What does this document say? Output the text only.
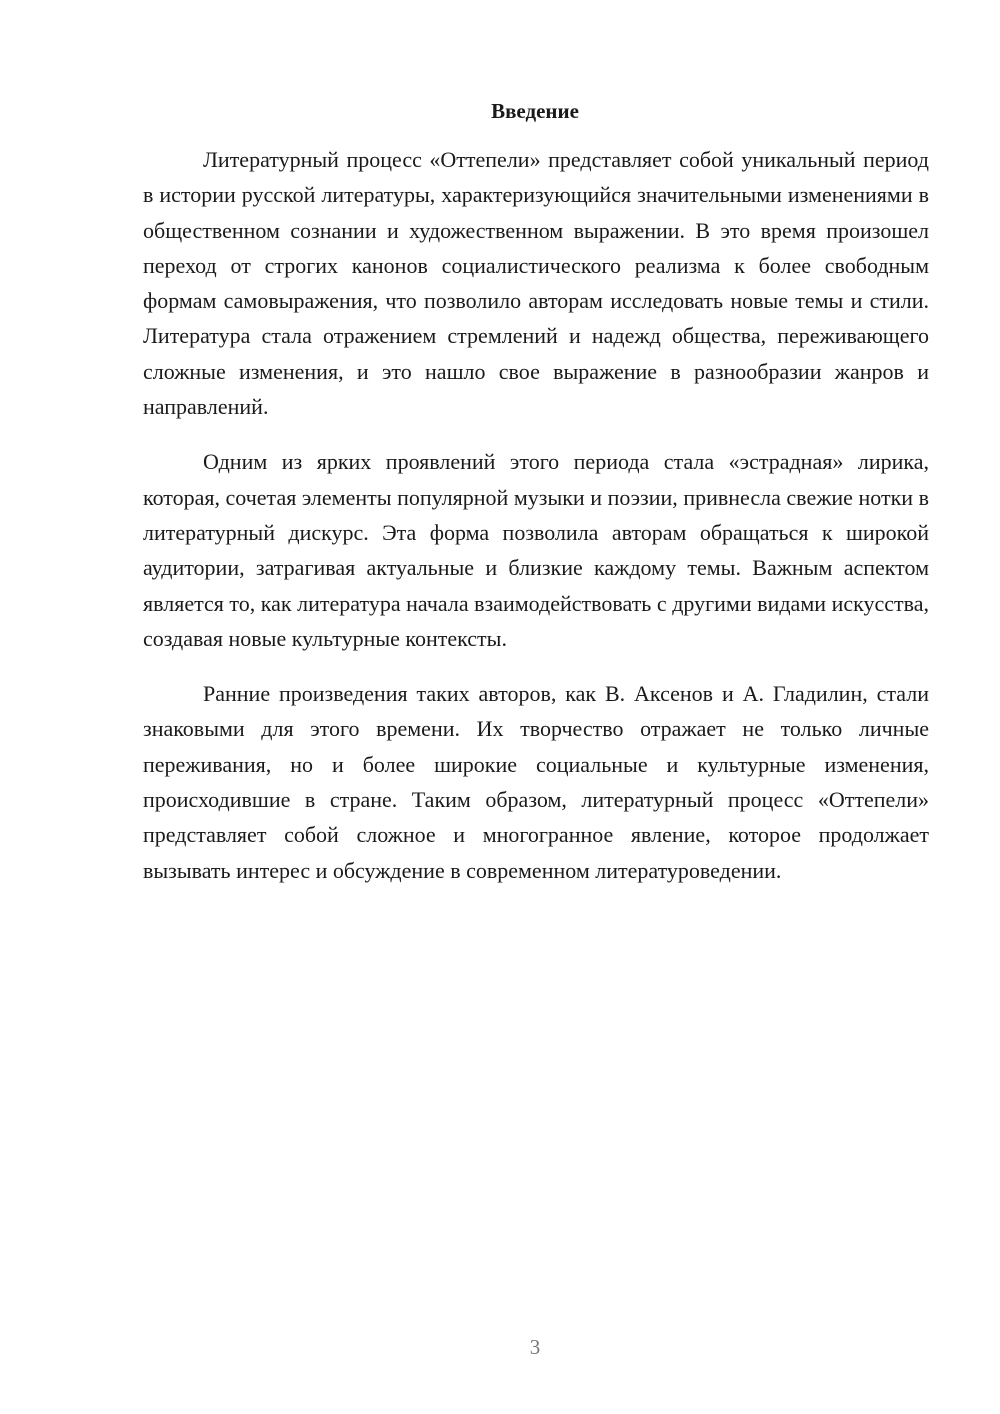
Введение

Литературный процесс «Оттепели» представляет собой уникальный период в истории русской литературы, характеризующийся значительными изменениями в общественном сознании и художественном выражении. В это время произошел переход от строгих канонов социалистического реализма к более свободным формам самовыражения, что позволило авторам исследовать новые темы и стили. Литература стала отражением стремлений и надежд общества, переживающего сложные изменения, и это нашло свое выражение в разнообразии жанров и направлений.

Одним из ярких проявлений этого периода стала «эстрадная» лирика, которая, сочетая элементы популярной музыки и поэзии, привнесла свежие нотки в литературный дискурс. Эта форма позволила авторам обращаться к широкой аудитории, затрагивая актуальные и близкие каждому темы. Важным аспектом является то, как литература начала взаимодействовать с другими видами искусства, создавая новые культурные контексты.

Ранние произведения таких авторов, как В. Аксенов и А. Гладилин, стали знаковыми для этого времени. Их творчество отражает не только личные переживания, но и более широкие социальные и культурные изменения, происходившие в стране. Таким образом, литературный процесс «Оттепели» представляет собой сложное и многогранное явление, которое продолжает вызывать интерес и обсуждение в современном литературоведении.

3
